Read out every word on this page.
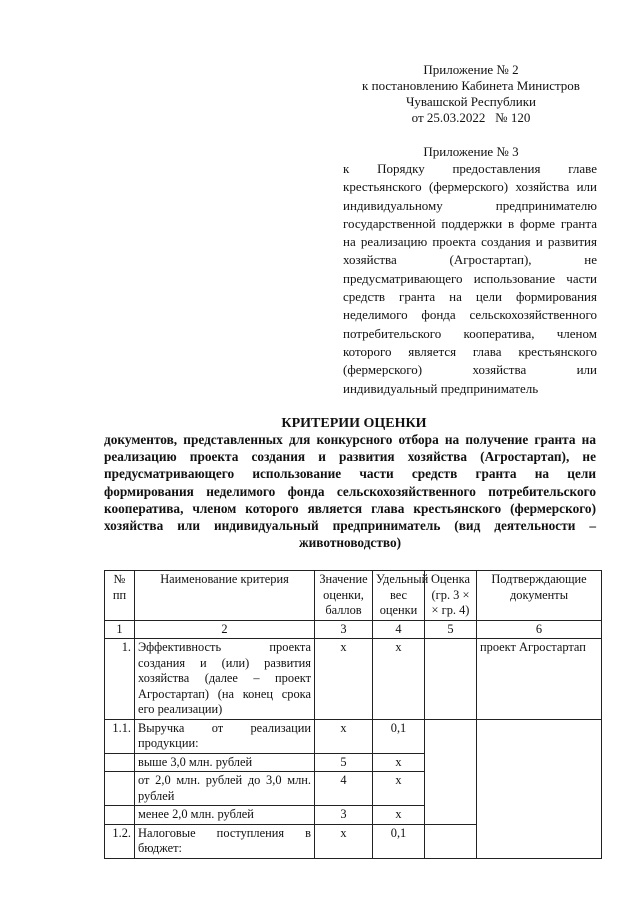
Приложение № 2
к постановлению Кабинета Министров
Чувашской Республики
от 25.03.2022   № 120
Приложение № 3
к Порядку предоставления главе крестьянского (фермерского) хозяйства или индивидуальному предпринимателю государственной поддержки в форме гранта на реализацию проекта создания и развития хозяйства (Агростартап), не предусматривающего использование части средств гранта на цели формирования неделимого фонда сельскохозяйственного потребительского кооператива, членом которого является глава крестьянского (фермерского) хозяйства или индивидуальный предприниматель
КРИТЕРИИ ОЦЕНКИ
документов, представленных для конкурсного отбора на получение гранта на реализацию проекта создания и развития хозяйства (Агростартап), не предусматривающего использование части средств гранта на цели формирования неделимого фонда сельскохозяйственного потребительского кооператива, членом которого является глава крестьянского (фермерского) хозяйства или индивидуальный предприниматель (вид деятельности – животноводство)
№ пп	Наименование критерия	Значение оценки, баллов	Удельный вес оценки	Оценка (гр. 3 × × гр. 4)	Подтверждающие документы
1	2	3	4	5	6
1.	Эффективность проекта создания и (или) развития хозяйства (далее – проект Агростартап) (на конец срока его реализации)	х	х		проект Агростартап
1.1.	Выручка от реализации продукции:	х	0,1		
	выше 3,0 млн. рублей	5	х		
	от 2,0 млн. рублей до 3,0 млн. рублей	4	х		
	менее 2,0 млн. рублей	3	х		
1.2.	Налоговые поступления в бюджет:	х	0,1		
